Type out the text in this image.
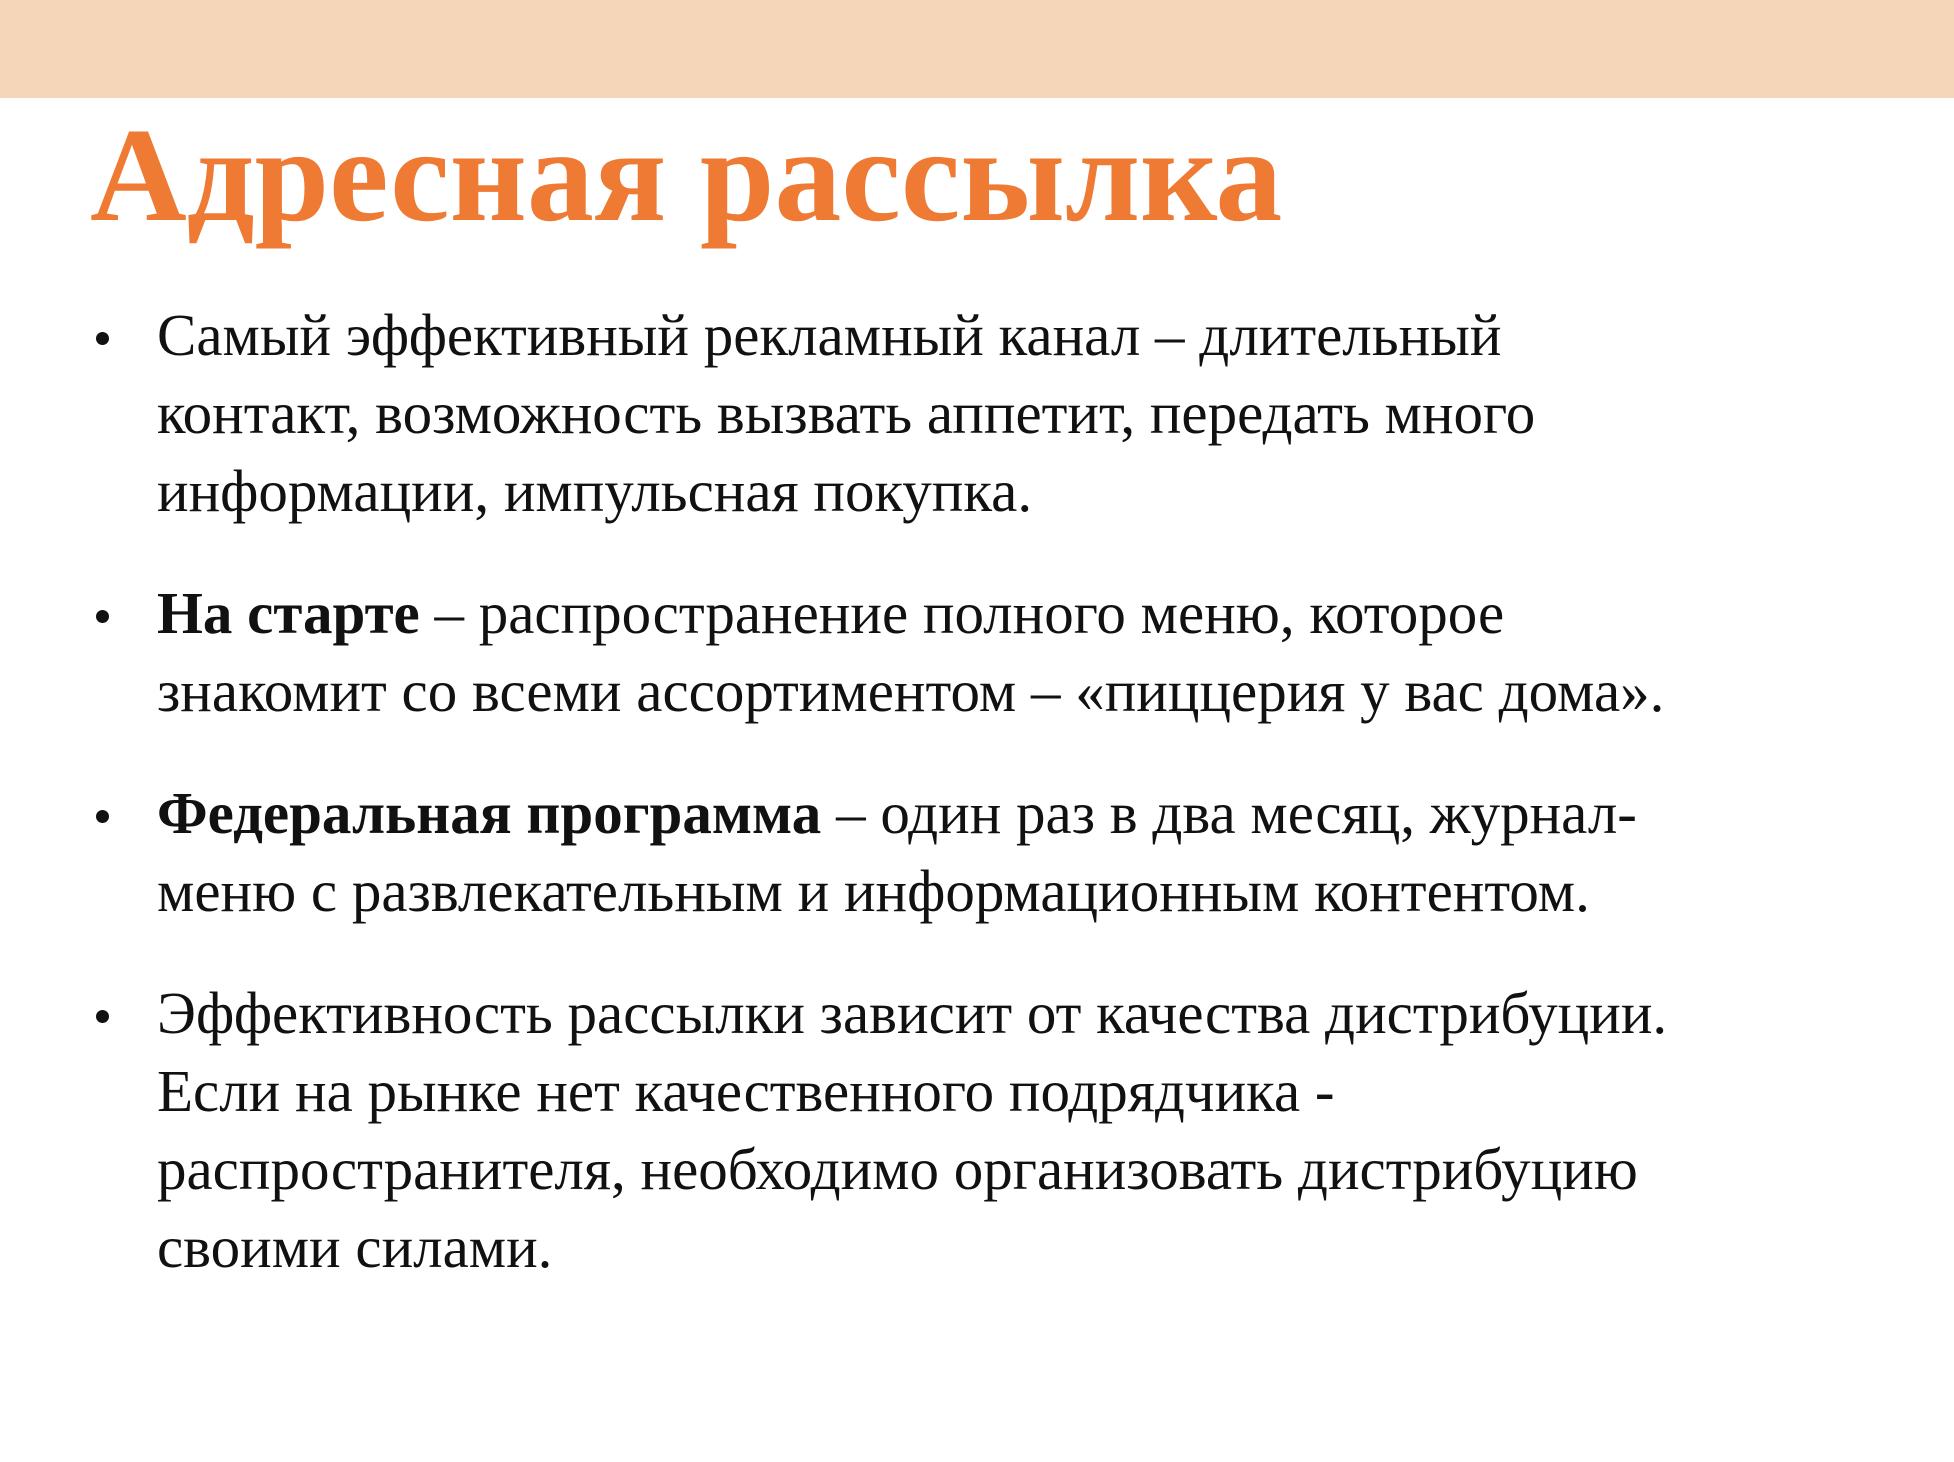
Адресная рассылка
Самый эффективный рекламный канал – длительный
контакт, возможность вызвать аппетит, передать много
информации, импульсная покупка.
На старте – распространение полного меню, которое
знакомит со всеми ассортиментом – «пиццерия у вас дома».
Федеральная программа – один раз в два месяц, журнал-
меню с развлекательным и информационным контентом.
Эффективность рассылки зависит от качества дистрибуции.
Если на рынке нет качественного подрядчика -
распространителя, необходимо организовать дистрибуцию
своими силами.
